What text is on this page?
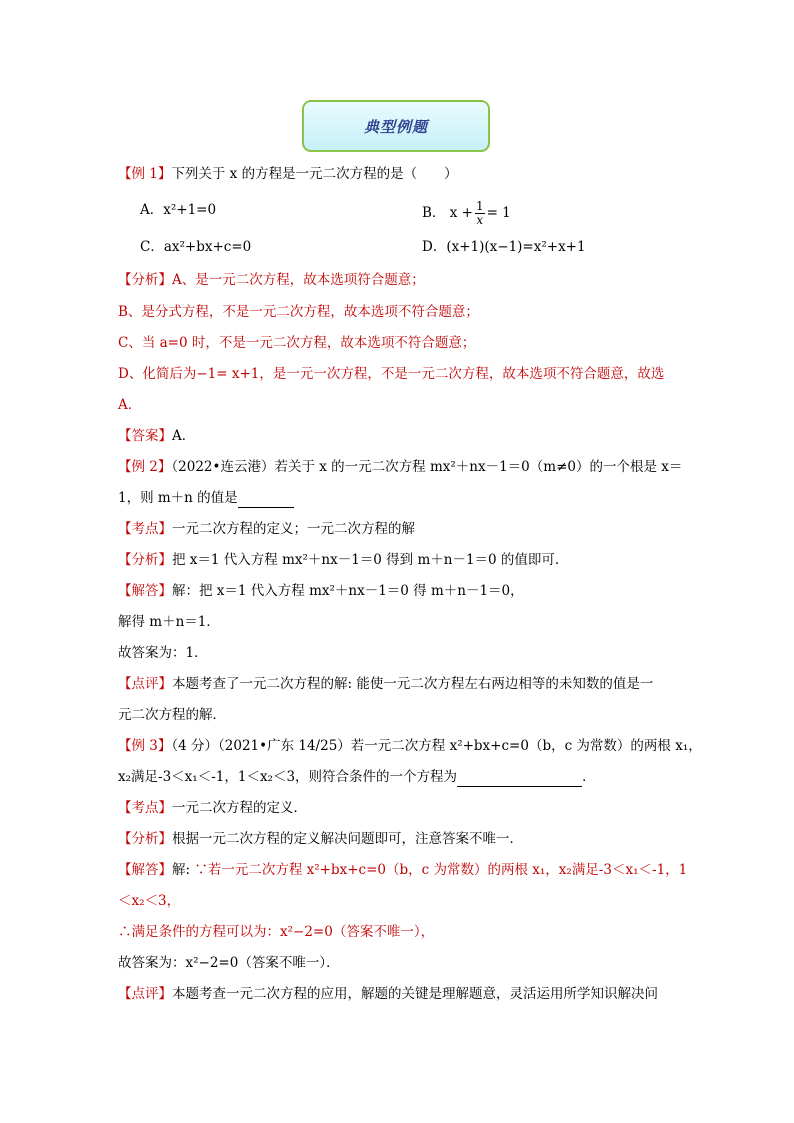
典型例题
【例 1】下列关于 x 的方程是一元二次方程的是（　　）
A．x²+1=0	B． $x + \frac{1}{x} = 1$
C．ax²+bx+c=0	D．(x+1)(x−1)=x²+x+1
【分析】A、是一元二次方程，故本选项符合题意；
B、是分式方程，不是一元二次方程，故本选项不符合题意；
C、当 a=0 时，不是一元二次方程，故本选项不符合题意；
D、化简后为−1= x+1，是一元一次方程，不是一元二次方程，故本选项不符合题意，故选
A．
【答案】A．
【例 2】（2022•连云港）若关于 x 的一元二次方程 mx²＋nx－1＝0（m≠0）的一个根是 x＝
1，则 m＋n 的值是
【考点】一元二次方程的定义；一元二次方程的解
【分析】把 x＝1 代入方程 mx²＋nx－1＝0 得到 m＋n－1＝0 的值即可．
【解答】解：把 x＝1 代入方程 mx²＋nx－1＝0 得 m＋n－1＝0，
解得 m＋n＝1．
故答案为：1．
【点评】本题考查了一元二次方程的解: 能使一元二次方程左右两边相等的未知数的值是一
元二次方程的解．
【例 3】（4 分）（2021•广东 14/25）若一元二次方程 x²+bx+c=0（b，c 为常数）的两根 x₁，
x₂满足-3＜x₁＜-1，1＜x₂＜3，则符合条件的一个方程为	．
【考点】一元二次方程的定义．
【分析】根据一元二次方程的定义解决问题即可，注意答案不唯一．
【解答】解: ∵若一元二次方程 x²+bx+c=0（b，c 为常数）的两根 x₁，x₂满足-3＜x₁＜-1，1
＜x₂＜3，
∴满足条件的方程可以为：x²−2=0（答案不唯一），
故答案为：x²−2=0（答案不唯一）．
【点评】本题考查一元二次方程的应用，解题的关键是理解题意，灵活运用所学知识解决问
